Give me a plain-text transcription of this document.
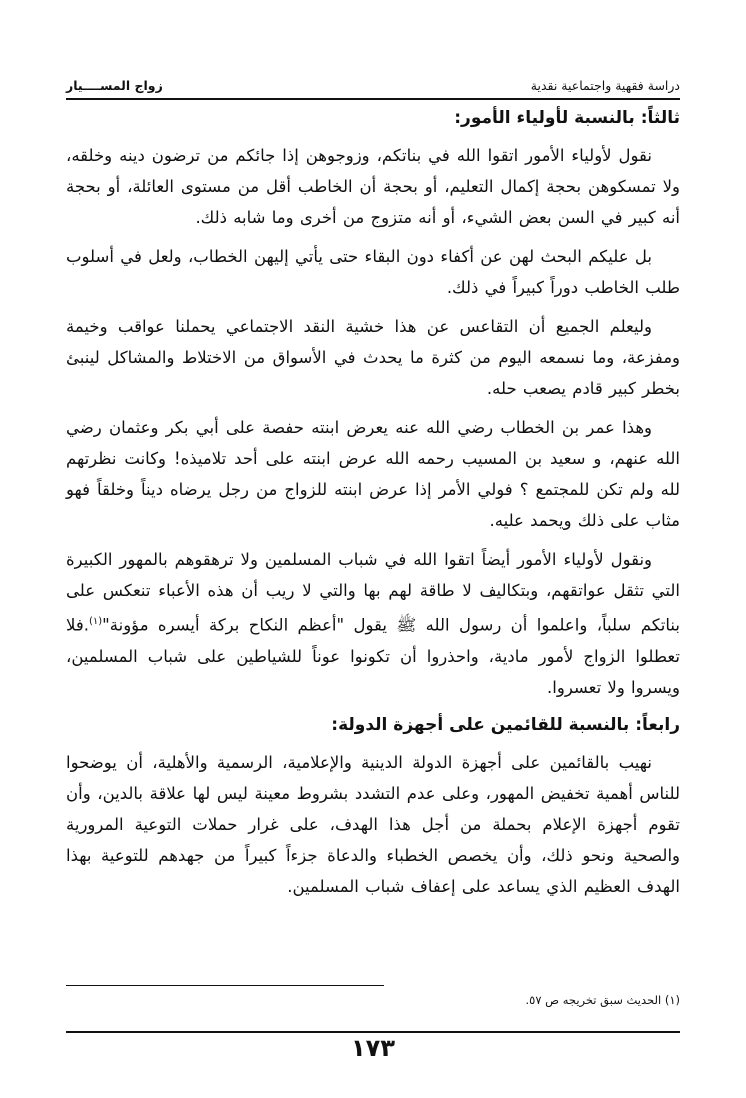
دراسة فقهية واجتماعية نقدية
زواج المســــيار
ثالثاً: بالنسبة لأولياء الأمور:

نقول لأولياء الأمور اتقوا الله في بناتكم، وزوجوهن إذا جائكم من ترضون دينه وخلقه، ولا تمسكوهن بحجة إكمال التعليم، أو بحجة أن الخاطب أقل من مستوى العائلة، أو بحجة أنه كبير في السن بعض الشيء، أو أنه متزوج من أخرى وما شابه ذلك.

بل عليكم البحث لهن عن أكفاء دون البقاء حتى يأتي إليهن الخطاب، ولعل في أسلوب طلب الخاطب دوراً كبيراً في ذلك.

وليعلم الجميع أن التقاعس عن هذا خشية النقد الاجتماعي يحملنا عواقب وخيمة ومفزعة، وما نسمعه اليوم من كثرة ما يحدث في الأسواق من الاختلاط والمشاكل لينبئ بخطر كبير قادم يصعب حله.

وهذا عمر بن الخطاب رضي الله عنه يعرض ابنته حفصة على أبي بكر وعثمان رضي الله عنهم، و سعيد بن المسيب رحمه الله عرض ابنته على أحد تلاميذه! وكانت نظرتهم لله ولم تكن للمجتمع ؟ فولي الأمر إذا عرض ابنته للزواج من رجل يرضاه ديناً وخلقاً فهو مثاب على ذلك ويحمد عليه.

ونقول لأولياء الأمور أيضاً اتقوا الله في شباب المسلمين ولا ترهقوهم بالمهور الكبيرة التي تثقل عواتقهم، وبتكاليف لا طاقة لهم بها والتي لا ريب أن هذه الأعباء تنعكس على بناتكم سلباً، واعلموا أن رسول الله ﷺ يقول "أعظم النكاح بركة أيسره مؤونة"$^{(١)}$.فلا تعطلوا الزواج لأمور مادية، واحذروا أن تكونوا عوناً للشياطين على شباب المسلمين، ويسروا ولا تعسروا.

رابعاً: بالنسبة للقائمين على أجهزة الدولة:

نهيب بالقائمين على أجهزة الدولة الدينية والإعلامية، الرسمية والأهلية، أن يوضحوا للناس أهمية تخفيض المهور، وعلى عدم التشدد بشروط معينة ليس لها علاقة بالدين، وأن تقوم أجهزة الإعلام بحملة من أجل هذا الهدف، على غرار حملات التوعية المرورية والصحية ونحو ذلك، وأن يخصص الخطباء والدعاة جزءاً كبيراً من جهدهم للتوعية بهذا الهدف العظيم الذي يساعد على إعفاف شباب المسلمين.

(١) الحديث سبق تخريجه ص ٥٧.
١٧٣
